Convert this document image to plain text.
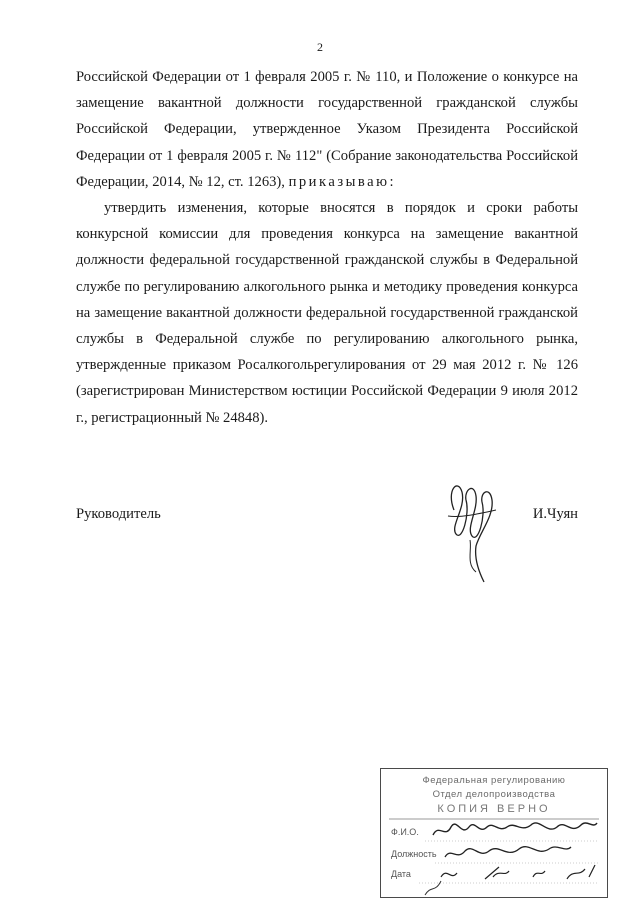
2

Российской Федерации от 1 февраля 2005 г. № 110, и Положение о конкурсе на замещение вакантной должности государственной гражданской службы Российской Федерации, утвержденное Указом Президента Российской Федерации от 1 февраля 2005 г. № 112" (Собрание законодательства Российской Федерации, 2014, № 12, ст. 1263), приказываю:

утвердить изменения, которые вносятся в порядок и сроки работы конкурсной комиссии для проведения конкурса на замещение вакантной должности федеральной государственной гражданской службы в Федеральной службе по регулированию алкогольного рынка и методику проведения конкурса на замещение вакантной должности федеральной государственной гражданской службы в Федеральной службе по регулированию алкогольного рынка, утвержденные приказом Росалкогольрегулирования от 29 мая 2012 г. № 126 (зарегистрирован Министерством юстиции Российской Федерации 9 июля 2012 г., регистрационный № 24848).

Руководитель	И.Чуян
Федеральная регулированию
Отдел делопроизводства
КОПИЯ ВЕРНО
Ф.И.О.
Должность
Дата
